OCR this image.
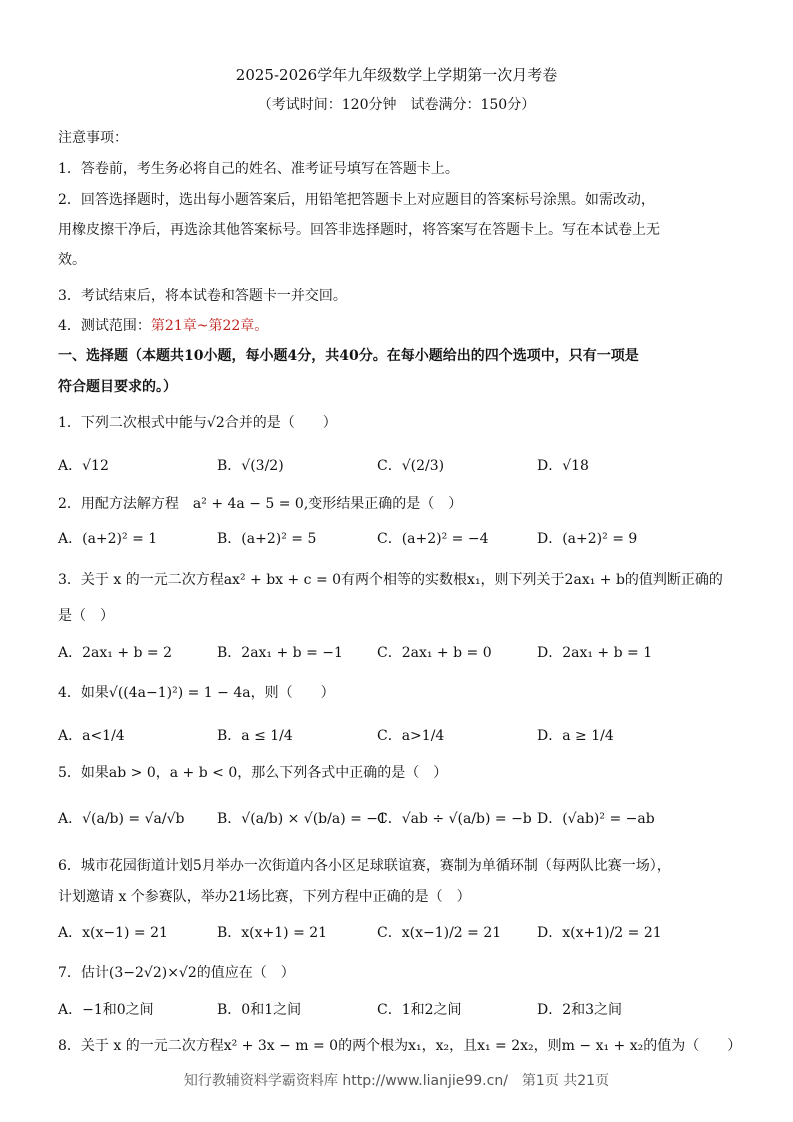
2025-2026学年九年级数学上学期第一次月考卷
（考试时间：120分钟　试卷满分：150分）
注意事项：
1．答卷前，考生务必将自己的姓名、准考证号填写在答题卡上。
2．回答选择题时，选出每小题答案后，用铅笔把答题卡上对应题目的答案标号涂黑。如需改动，
用橡皮擦干净后，再选涂其他答案标号。回答非选择题时，将答案写在答题卡上。写在本试卷上无
效。
3．考试结束后，将本试卷和答题卡一并交回。
4．测试范围：第21章~第22章。
一、选择题（本题共10小题，每小题4分，共40分。在每小题给出的四个选项中，只有一项是
符合题目要求的。）
1．下列二次根式中能与√2合并的是（　　）
A．√12	B．√(3/2)	C．√(2/3)	D．√18
2．用配方法解方程　a² + 4a − 5 = 0,变形结果正确的是（　）
A．(a+2)² = 1	B．(a+2)² = 5	C．(a+2)² = −4	D．(a+2)² = 9
3．关于 x 的一元二次方程ax² + bx + c = 0有两个相等的实数根x₁，则下列关于2ax₁ + b的值判断正确的
是（　）
A．2ax₁ + b = 2	B．2ax₁ + b = −1 C．2ax₁ + b = 0	D．2ax₁ + b = 1
4．如果√((4a−1)²) = 1 − 4a，则（　　）
A．a<1/4	B．a ≤ 1/4	C．a>1/4	D．a ≥ 1/4
5．如果ab > 0，a + b < 0，那么下列各式中正确的是（　）
A．√(a/b) = √a/√b B．√(a/b) × √(b/a) = −1
C．√ab ÷ √(a/b) = −b D．(√ab)² = −ab
6．城市花园街道计划5月举办一次街道内各小区足球联谊赛，赛制为单循环制（每两队比赛一场），
计划邀请 x 个参赛队，举办21场比赛，下列方程中正确的是（　）
A．x(x−1) = 21	B．x(x+1) = 21	C．x(x−1)/2 = 21	D．x(x+1)/2 = 21
7．估计(3−2√2)×√2的值应在（　）
A．−1和0之间	B．0和1之间	C．1和2之间	D．2和3之间
8．关于 x 的一元二次方程x² + 3x − m = 0的两个根为x₁，x₂，且x₁ = 2x₂，则m − x₁ + x₂的值为（　　）
知行教辅资料学霸资料库 http://www.lianjie99.cn/　第1页 共21页
